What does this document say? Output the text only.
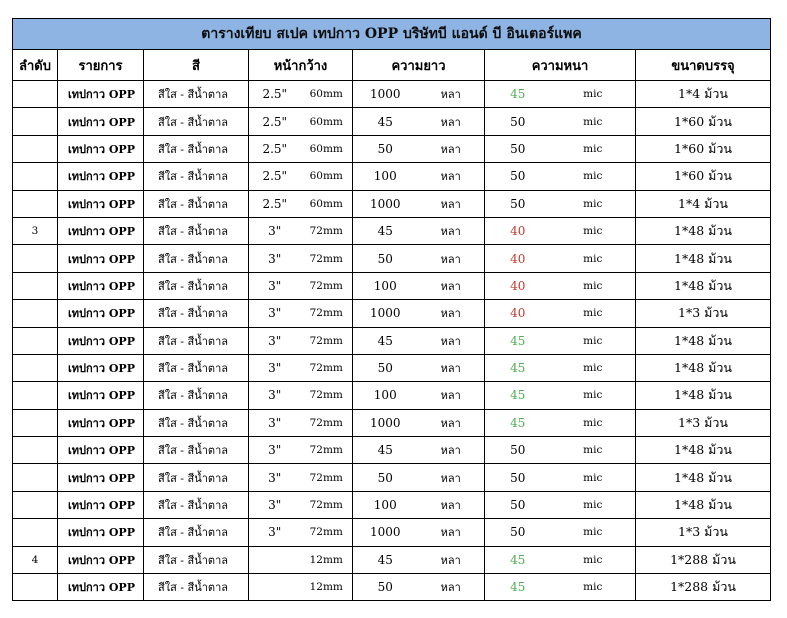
ตารางเทียบ สเปค เทปกาว OPP บริษัทบี แอนด์ บี อินเตอร์แพค									
ลำดับ	รายการ	สี	หน้ากว้าง		ความยาว		ความหนา		ขนาดบรรจุ
	เทปกาว OPP	สีใส - สีน้ำตาล	2.5"	60mm	1000	หลา	45	mic	1*4 ม้วน
	เทปกาว OPP	สีใส - สีน้ำตาล	2.5"	60mm	45	หลา	50	mic	1*60 ม้วน
	เทปกาว OPP	สีใส - สีน้ำตาล	2.5"	60mm	50	หลา	50	mic	1*60 ม้วน
	เทปกาว OPP	สีใส - สีน้ำตาล	2.5"	60mm	100	หลา	50	mic	1*60 ม้วน
	เทปกาว OPP	สีใส - สีน้ำตาล	2.5"	60mm	1000	หลา	50	mic	1*4 ม้วน
3	เทปกาว OPP	สีใส - สีน้ำตาล	3"	72mm	45	หลา	40	mic	1*48 ม้วน
	เทปกาว OPP	สีใส - สีน้ำตาล	3"	72mm	50	หลา	40	mic	1*48 ม้วน
	เทปกาว OPP	สีใส - สีน้ำตาล	3"	72mm	100	หลา	40	mic	1*48 ม้วน
	เทปกาว OPP	สีใส - สีน้ำตาล	3"	72mm	1000	หลา	40	mic	1*3 ม้วน
	เทปกาว OPP	สีใส - สีน้ำตาล	3"	72mm	45	หลา	45	mic	1*48 ม้วน
	เทปกาว OPP	สีใส - สีน้ำตาล	3"	72mm	50	หลา	45	mic	1*48 ม้วน
	เทปกาว OPP	สีใส - สีน้ำตาล	3"	72mm	100	หลา	45	mic	1*48 ม้วน
	เทปกาว OPP	สีใส - สีน้ำตาล	3"	72mm	1000	หลา	45	mic	1*3 ม้วน
	เทปกาว OPP	สีใส - สีน้ำตาล	3"	72mm	45	หลา	50	mic	1*48 ม้วน
	เทปกาว OPP	สีใส - สีน้ำตาล	3"	72mm	50	หลา	50	mic	1*48 ม้วน
	เทปกาว OPP	สีใส - สีน้ำตาล	3"	72mm	100	หลา	50	mic	1*48 ม้วน
	เทปกาว OPP	สีใส - สีน้ำตาล	3"	72mm	1000	หลา	50	mic	1*3 ม้วน
4	เทปกาว OPP	สีใส - สีน้ำตาล		12mm	45	หลา	45	mic	1*288 ม้วน
	เทปกาว OPP	สีใส - สีน้ำตาล		12mm	50	หลา	45	mic	1*288 ม้วน
